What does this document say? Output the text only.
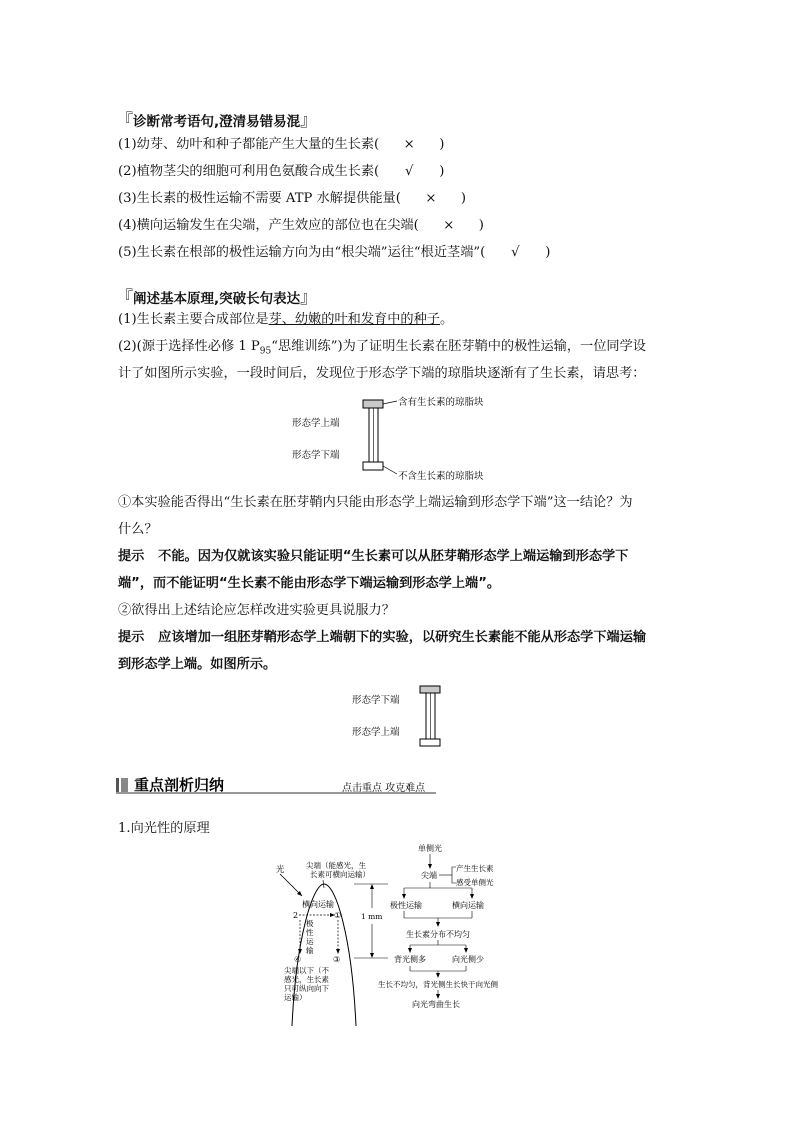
『诊断常考语句,澄清易错易混』
(1)幼芽、幼叶和种子都能产生大量的生长素( × )
(2)植物茎尖的细胞可利用色氨酸合成生长素( √ )
(3)生长素的极性运输不需要 ATP 水解提供能量( × )
(4)横向运输发生在尖端，产生效应的部位也在尖端( × )
(5)生长素在根部的极性运输方向为由“根尖端”运往“根近茎端”( √ )
『阐述基本原理,突破长句表达』
(1)生长素主要合成部位是芽、幼嫩的叶和发育中的种子。
(2)(源于选择性必修 1 $P_{95}“$思维训练”)为了证明生长素在胚芽鞘中的极性运输，一位同学设
计了如图所示实验，一段时间后，发现位于形态学下端的琼脂块逐渐有了生长素，请思考：
含有生长素的琼脂块
形态学上端
形态学下端
不含生长素的琼脂块
①本实验能否得出“生长素在胚芽鞘内只能由形态学上端运输到形态学下端”这一结论？为
什么？
提示 不能。因为仅就该实验只能证明“生长素可以从胚芽鞘形态学上端运输到形态学下
端”，而不能证明“生长素不能由形态学下端运输到形态学上端”。
②欲得出上述结论应怎样改进实验更具说服力？
提示 应该增加一组胚芽鞘形态学上端朝下的实验，以研究生长素能不能从形态学下端运输
到形态学上端。如图所示。
形态学下端
形态学上端
重点剖析归纳	点击重点 攻克难点
1.向光性的原理
光	尖端（能感光，生
长素可横向运输）
横向运输
2	①
极
性
运
输
④	③
尖端以下（不
感光，生长素
只可纵向向下
运输）
1 mm
单侧光
尖端
产生生长素
感受单侧光
极性运输	横向运输
生长素分布不均匀
背光侧多	向光侧少
生长不均匀，背光侧生长快于向光侧
向光弯曲生长
